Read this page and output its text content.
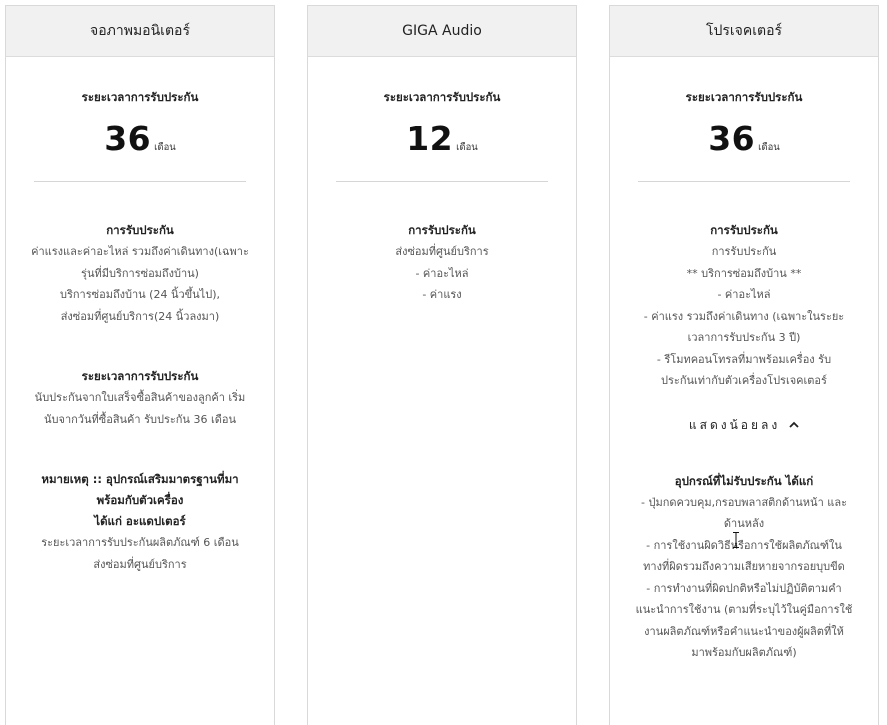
จอภาพมอนิเตอร์
ระยะเวลาการรับประกัน
36 เดือน
การรับประกัน
ค่าแรงและค่าอะไหล่ รวมถึงค่าเดินทาง(เฉพาะ
รุ่นที่มีบริการซ่อมถึงบ้าน)
บริการซ่อมถึงบ้าน (24 นิ้วขึ้นไป),
ส่งซ่อมที่ศูนย์บริการ(24 นิ้วลงมา)
ระยะเวลาการรับประกัน
นับประกันจากใบเสร็จซื้อสินค้าของลูกค้า เริ่ม
นับจากวันที่ซื้อสินค้า รับประกัน 36 เดือน
หมายเหตุ :: อุปกรณ์เสริมมาตรฐานที่มา
พร้อมกับตัวเครื่อง
ได้แก่ อะแดปเตอร์
ระยะเวลาการรับประกันผลิตภัณฑ์ 6 เดือน
ส่งซ่อมที่ศูนย์บริการ
GIGA Audio
ระยะเวลาการรับประกัน
12 เดือน
การรับประกัน
ส่งซ่อมที่ศูนย์บริการ
- ค่าอะไหล่
- ค่าแรง
โปรเจคเตอร์
ระยะเวลาการรับประกัน
36 เดือน
การรับประกัน
การรับประกัน
** บริการซ่อมถึงบ้าน **
- ค่าอะไหล่
- ค่าแรง รวมถึงค่าเดินทาง (เฉพาะในระยะ
เวลาการรับประกัน 3 ปี)
- รีโมทคอนโทรลที่มาพร้อมเครื่อง รับ
ประกันเท่ากับตัวเครื่องโปรเจคเตอร์
แสดงน้อยลง
อุปกรณ์ที่ไม่รับประกัน ได้แก่
- ปุ่มกดควบคุม,กรอบพลาสติกด้านหน้า และ
ด้านหลัง
- การใช้งานผิดวิธีหรือการใช้ผลิตภัณฑ์ใน
ทางที่ผิดรวมถึงความเสียหายจากรอยบุบขีด
- การทำงานที่ผิดปกติหรือไม่ปฏิบัติตามคำ
แนะนำการใช้งาน (ตามที่ระบุไว้ในคู่มือการใช้
งานผลิตภัณฑ์หรือคำแนะนำของผู้ผลิตที่ให้
มาพร้อมกับผลิตภัณฑ์)
